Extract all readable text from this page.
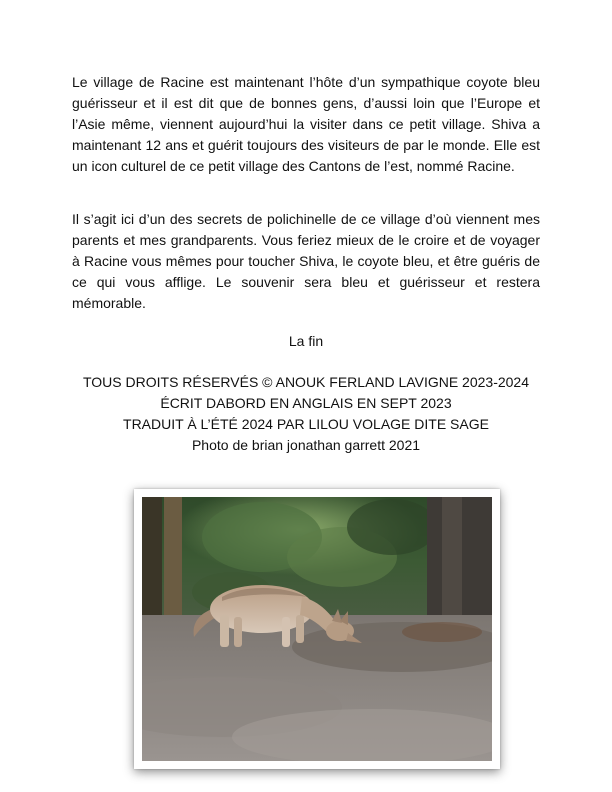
Le village de Racine est maintenant l’hôte d’un sympathique coyote bleu guérisseur et il est dit que de bonnes gens, d’aussi loin que l’Europe et l’Asie même, viennent aujourd’hui la visiter dans ce petit village. Shiva a maintenant 12 ans et guérit toujours des visiteurs de par le monde. Elle est un icon culturel de ce petit village des Cantons de l’est, nommé Racine.

Il s’agit ici d’un des secrets de polichinelle de ce village d’où viennent mes parents et mes grandparents. Vous feriez mieux de le croire et de voyager à Racine vous mêmes pour toucher Shiva, le coyote bleu, et être guéris de ce qui vous afflige. Le souvenir sera bleu et guérisseur et restera mémorable.

La fin

TOUS DROITS RÉSERVÉS © ANOUK FERLAND LAVIGNE 2023-2024
ÉCRIT DABORD EN ANGLAIS EN SEPT 2023
TRADUIT À L’ÉTÉ 2024 PAR LILOU VOLAGE DITE SAGE
Photo de brian jonathan garrett 2021
